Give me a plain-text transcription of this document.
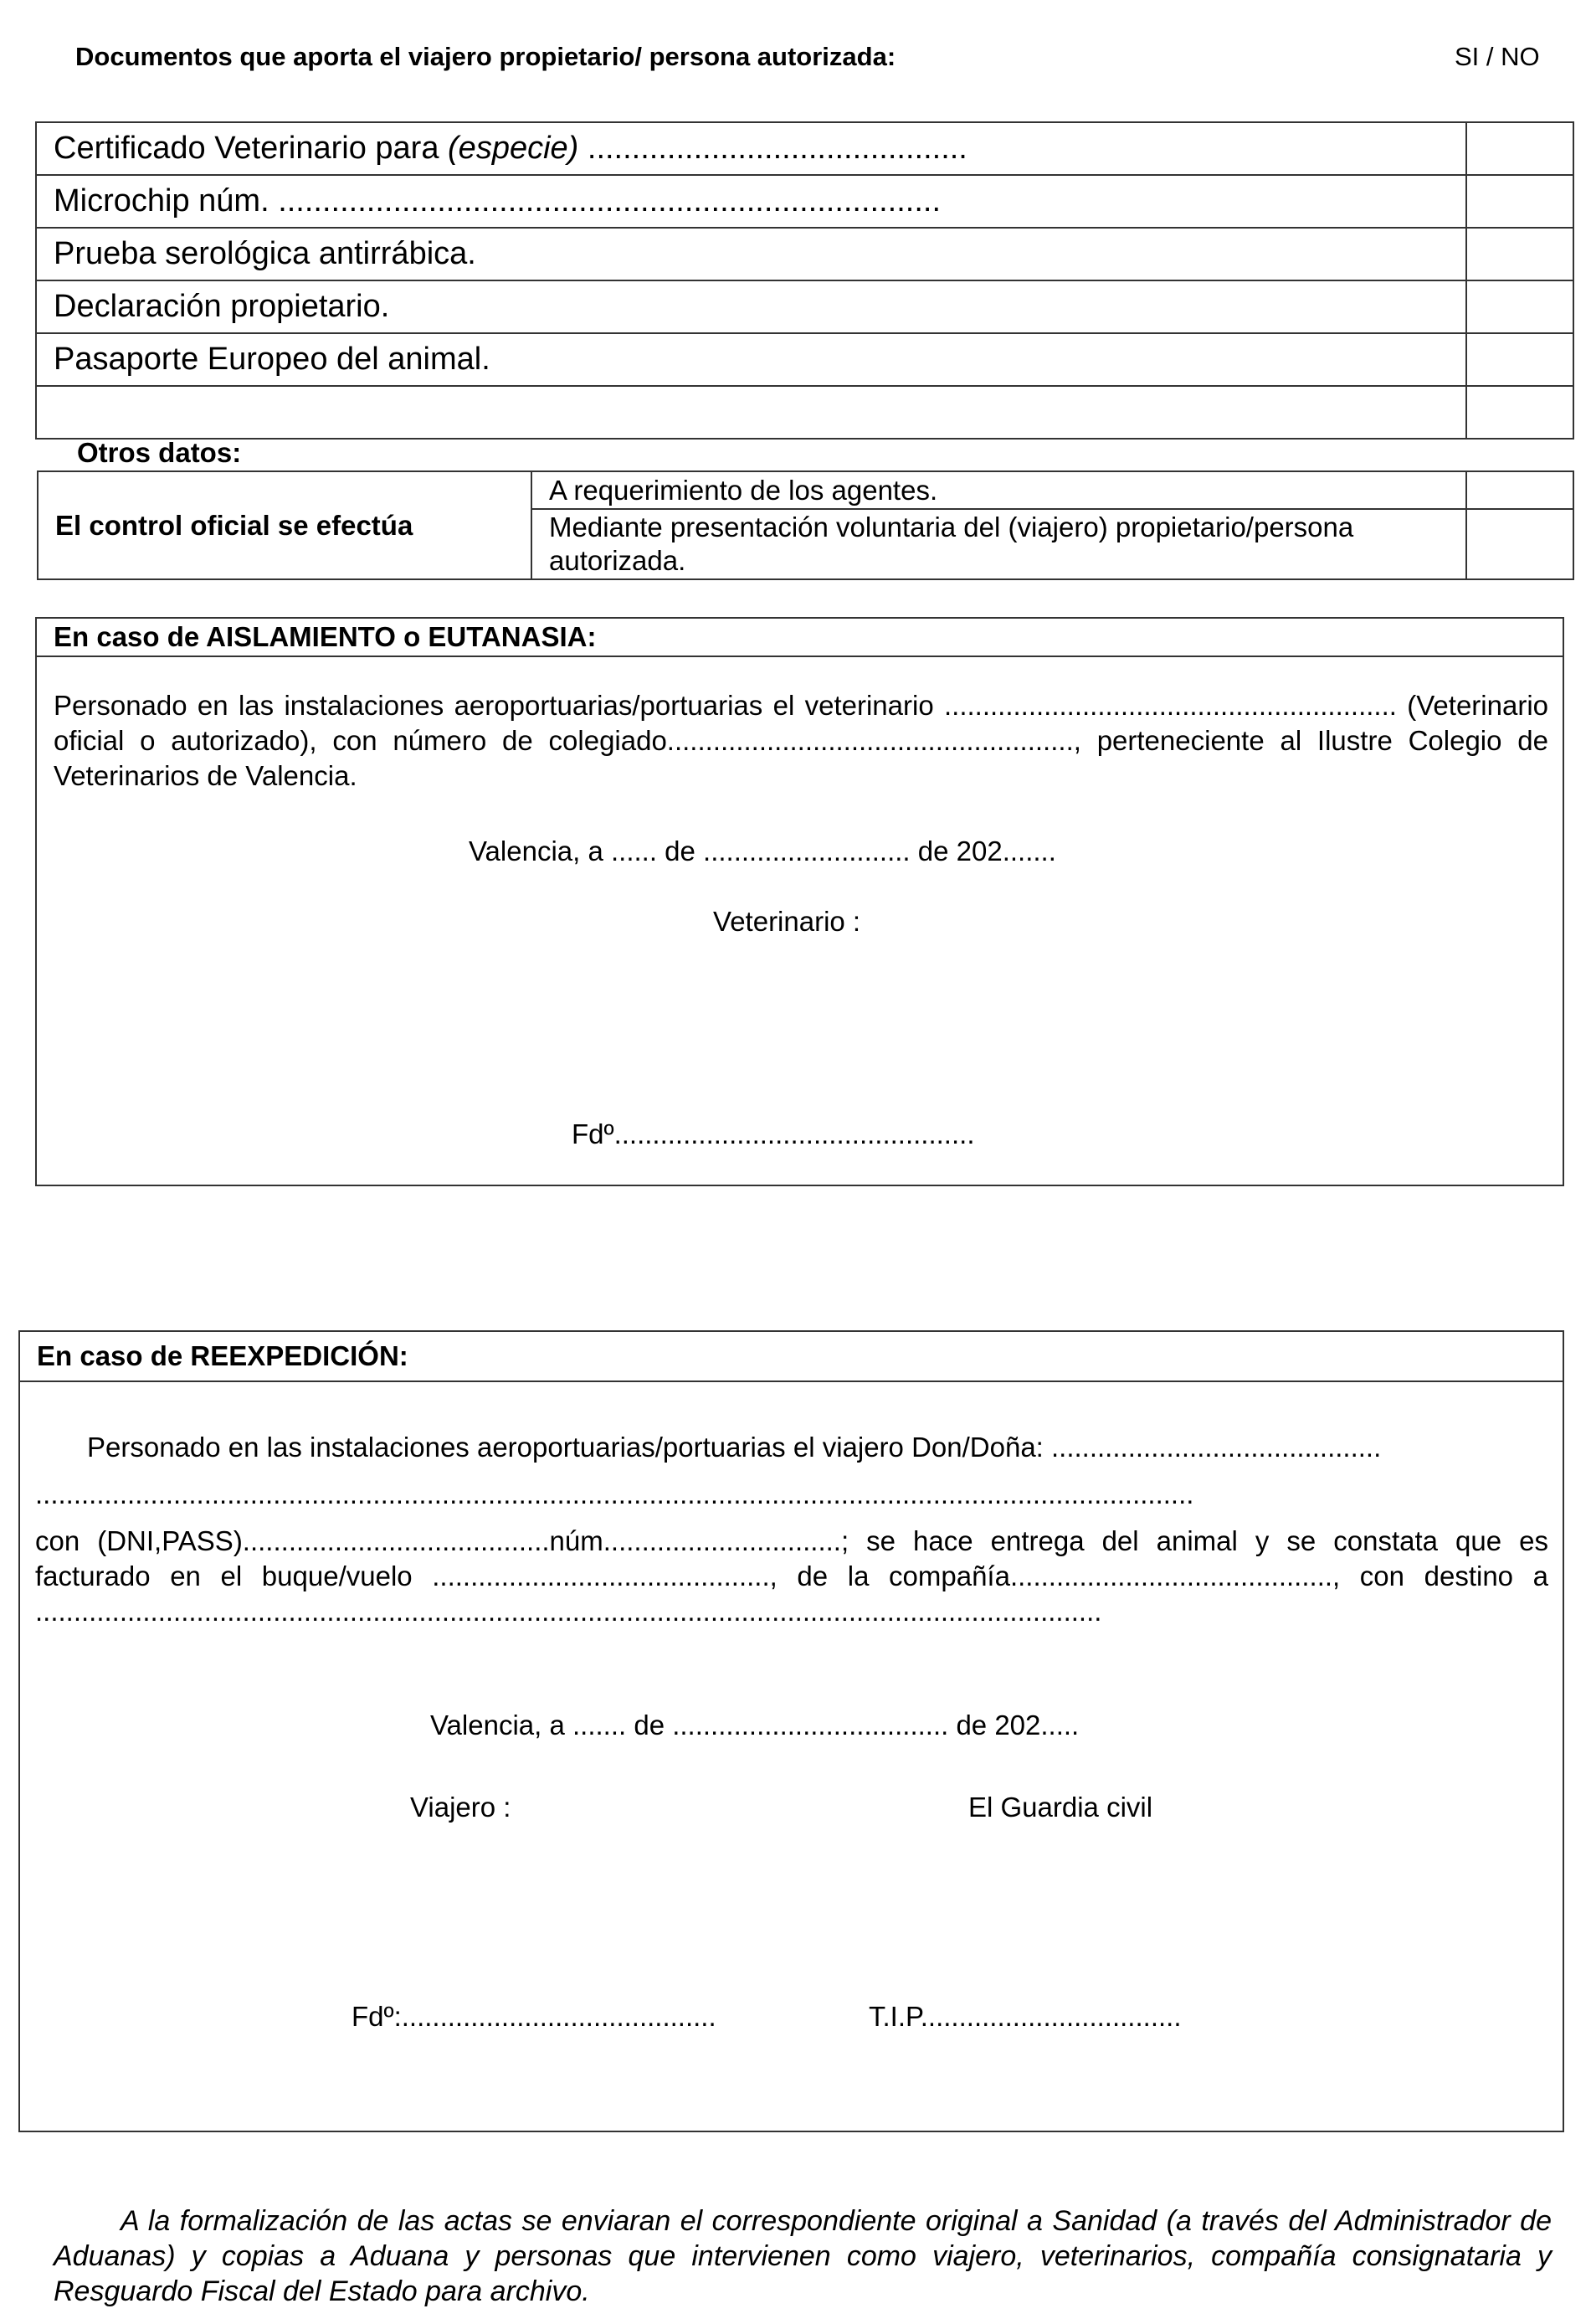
Documentos que aporta el viajero propietario/ persona autorizada:	SI / NO
Certificado Veterinario para (especie) ...........................................	
Microchip núm. ...........................................................................	
Prueba serológica antirrábica.	
Declaración propietario.	
Pasaporte Europeo del animal.	

Otros datos:
El control oficial se efectúa	A requerimiento de los agentes.	
	Mediante presentación voluntaria del (viajero) propietario/persona autorizada.	
En caso de AISLAMIENTO o EUTANASIA:
Personado en las instalaciones aeroportuarias/portuarias el veterinario ........................................................... (Veterinario oficial o autorizado), con número de colegiado....................................................., perteneciente al Ilustre Colegio de Veterinarios de Valencia.
Valencia, a ...... de ........................... de 202.......
Veterinario :
Fdº...............................................
En caso de REEXPEDICIÓN:
Personado en las instalaciones aeroportuarias/portuarias el viajero Don/Doña: ...........................................
.......................................................................................................................................................
con (DNI,PASS)........................................núm...............................; se hace entrega del animal y se constata que es facturado en el buque/vuelo ............................................, de la compañía.........................................., con destino a ...........................................................................................................................................
Valencia, a ....... de .................................... de 202.....
Viajero :	El Guardia civil
Fdº:.........................................	T.I.P..................................
A la formalización de las actas se enviaran el correspondiente original a Sanidad (a través del Administrador de Aduanas) y copias a Aduana y personas que intervienen como viajero, veterinarios, compañía consignataria y Resguardo Fiscal del Estado para archivo.
